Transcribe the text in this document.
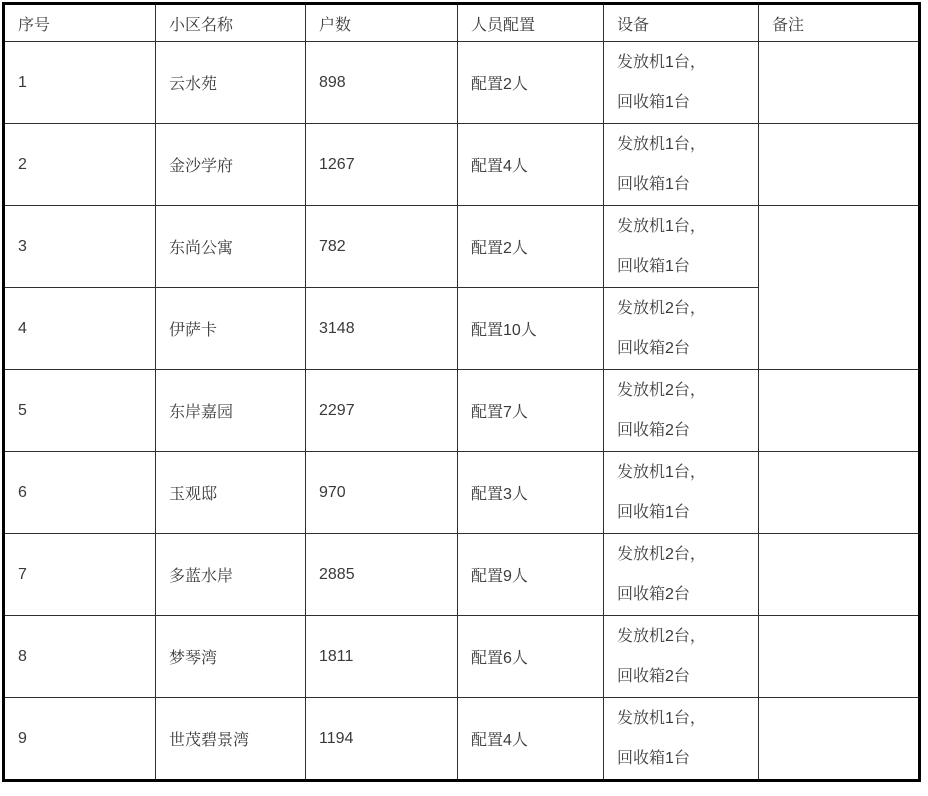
序号	小区名称	户数	人员配置	设备	备注
1	云水苑	898	配置2人	发放机1台，
回收箱1台	

2	金沙学府	1267	配置4人	发放机1台，
回收箱1台	

3	东尚公寓	782	配置2人	发放机1台，
回收箱1台	

4	伊萨卡	3148	配置10人	发放机2台，
回收箱2台	

5	东岸嘉园	2297	配置7人	发放机2台，
回收箱2台	

6	玉观邸	970	配置3人	发放机1台，
回收箱1台	

7	多蓝水岸	2885	配置9人	发放机2台，
回收箱2台	

8	梦琴湾	1811	配置6人	发放机2台，
回收箱2台	

9	世茂碧景湾	1194	配置4人	发放机1台，
回收箱1台	
